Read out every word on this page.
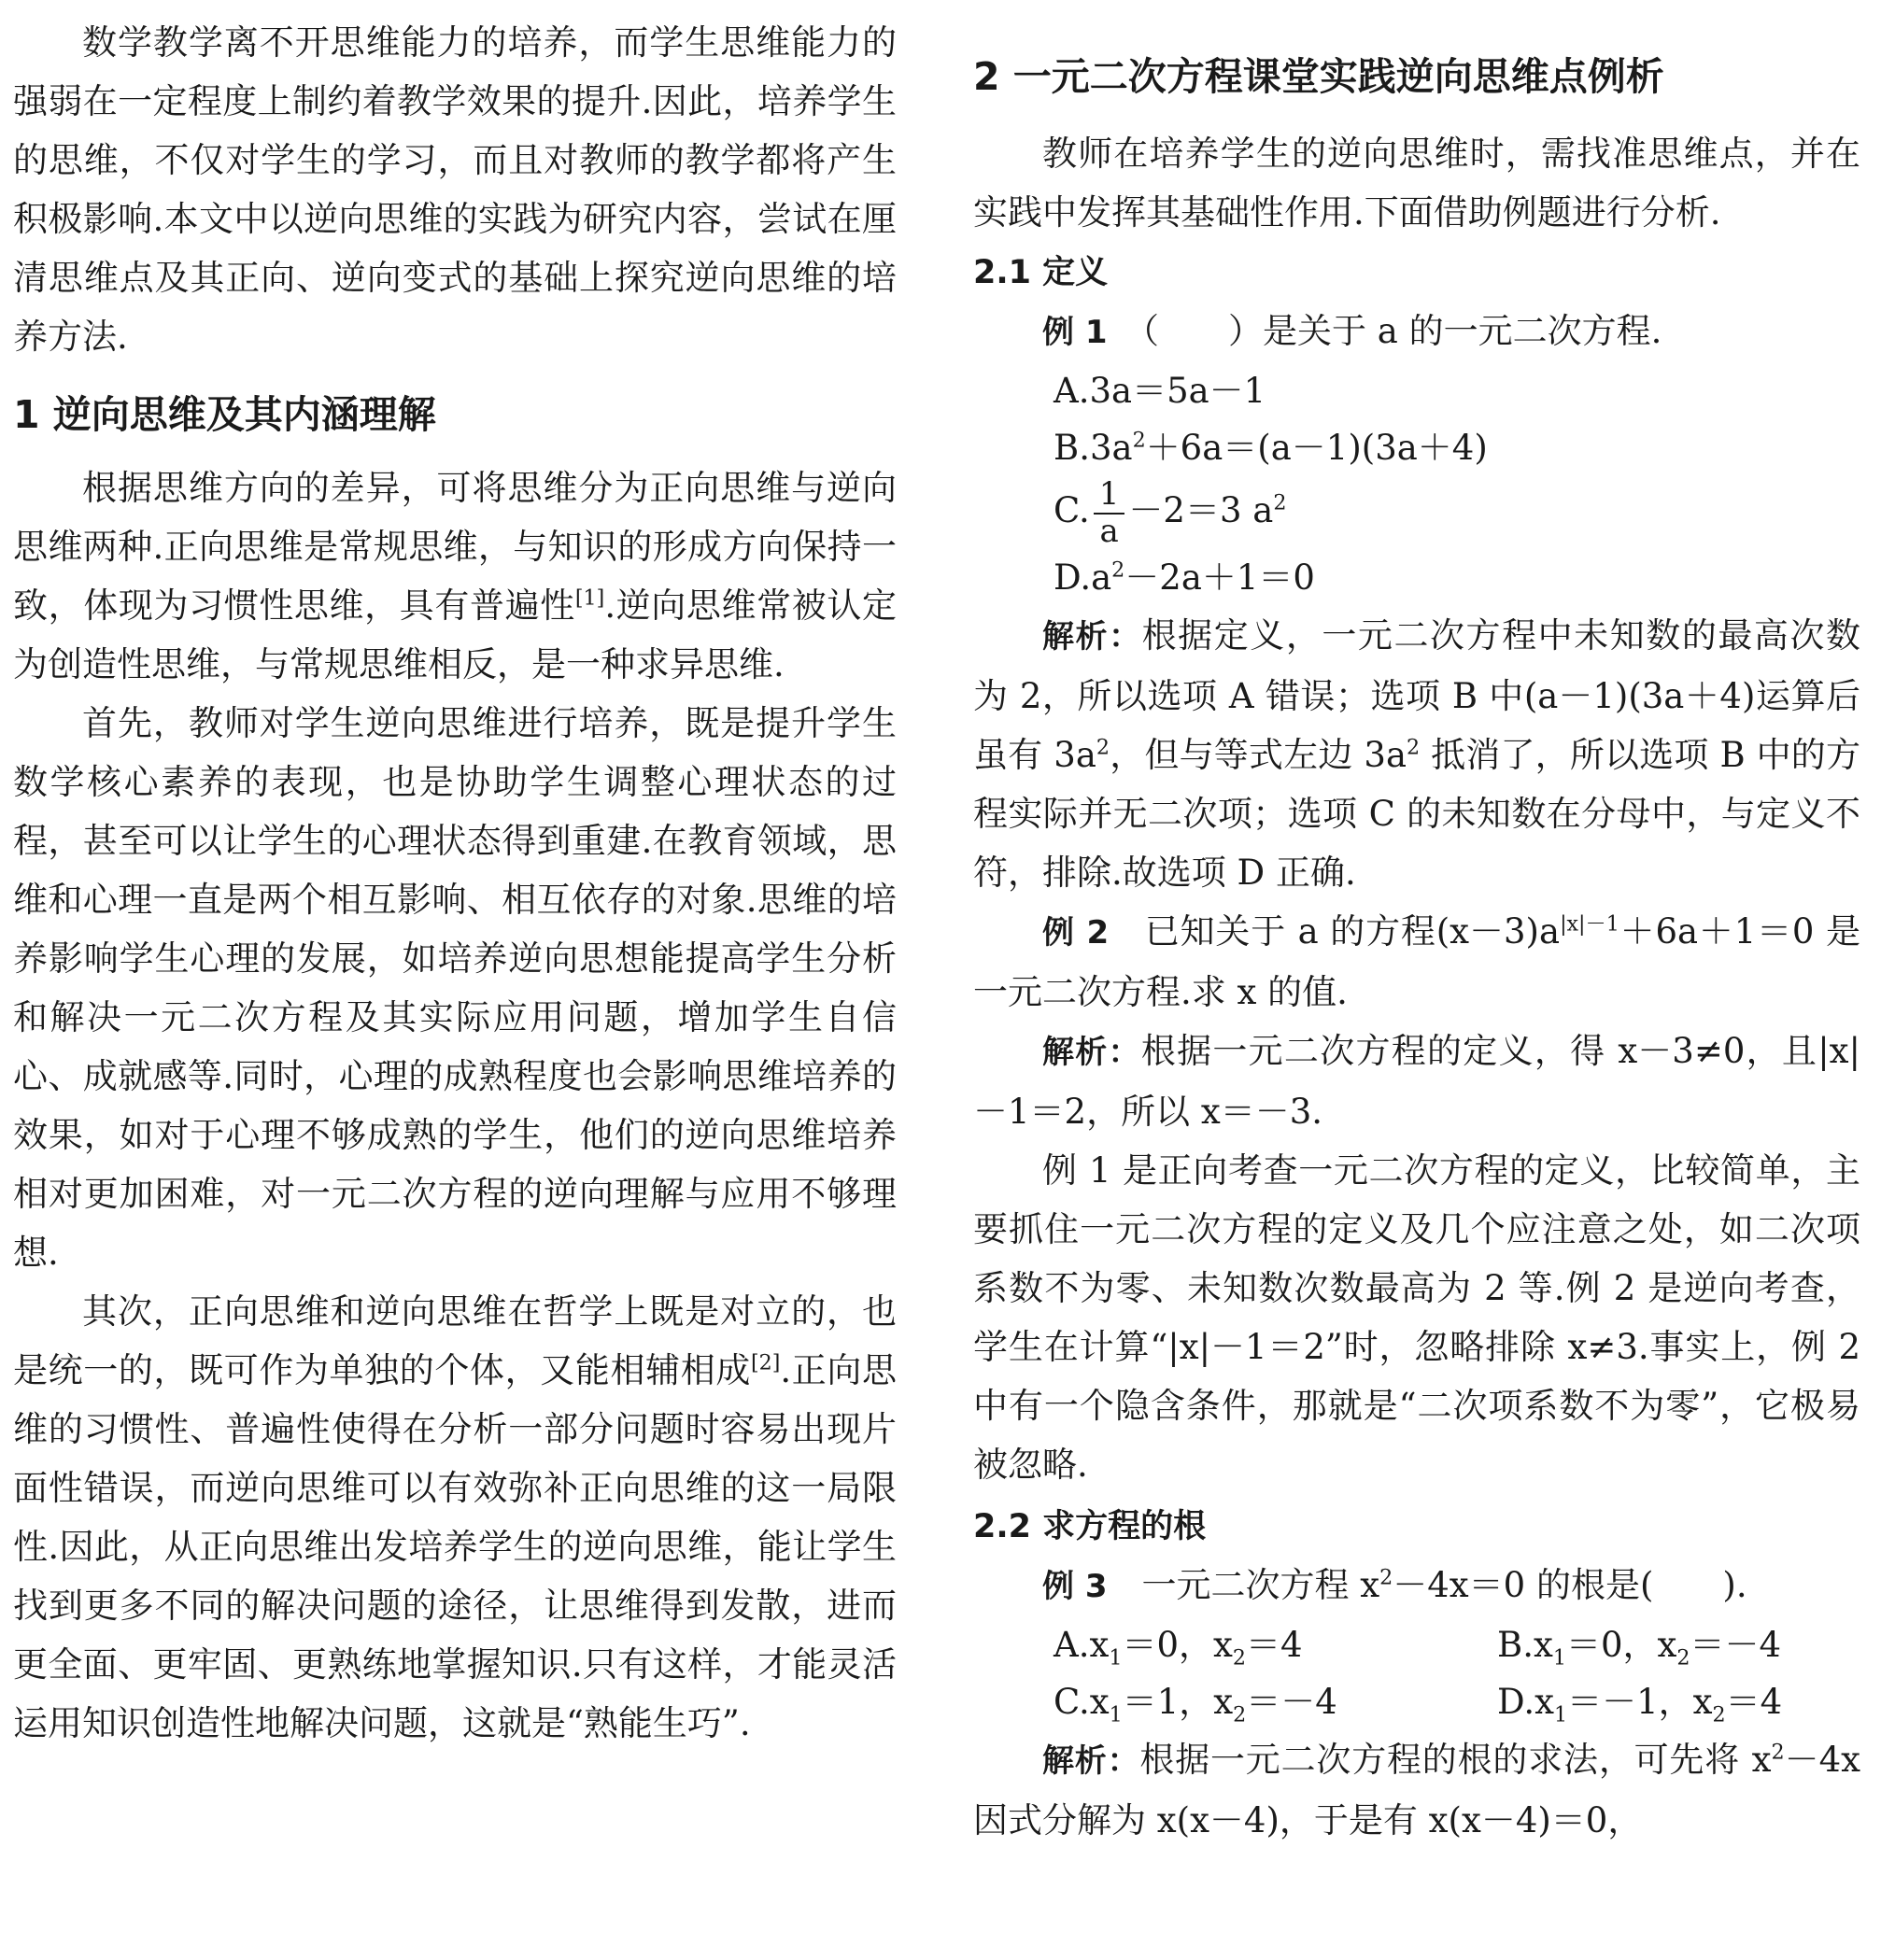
数学教学离不开思维能力的培养，而学生思维能力的强弱在一定程度上制约着教学效果的提升.因此，培养学生的思维，不仅对学生的学习，而且对教师的教学都将产生积极影响.本文中以逆向思维的实践为研究内容，尝试在厘清思维点及其正向、逆向变式的基础上探究逆向思维的培养方法.

1 逆向思维及其内涵理解

根据思维方向的差异，可将思维分为正向思维与逆向思维两种.正向思维是常规思维，与知识的形成方向保持一致，体现为习惯性思维，具有普遍性[1].逆向思维常被认定为创造性思维，与常规思维相反，是一种求异思维.

首先，教师对学生逆向思维进行培养，既是提升学生数学核心素养的表现，也是协助学生调整心理状态的过程，甚至可以让学生的心理状态得到重建.在教育领域，思维和心理一直是两个相互影响、相互依存的对象.思维的培养影响学生心理的发展，如培养逆向思想能提高学生分析和解决一元二次方程及其实际应用问题，增加学生自信心、成就感等.同时，心理的成熟程度也会影响思维培养的效果，如对于心理不够成熟的学生，他们的逆向思维培养相对更加困难，对一元二次方程的逆向理解与应用不够理想.

其次，正向思维和逆向思维在哲学上既是对立的，也是统一的，既可作为单独的个体，又能相辅相成[2].正向思维的习惯性、普遍性使得在分析一部分问题时容易出现片面性错误，而逆向思维可以有效弥补正向思维的这一局限性.因此，从正向思维出发培养学生的逆向思维，能让学生找到更多不同的解决问题的途径，让思维得到发散，进而更全面、更牢固、更熟练地掌握知识.只有这样，才能灵活运用知识创造性地解决问题，这就是“熟能生巧”.

2 一元二次方程课堂实践逆向思维点例析

教师在培养学生的逆向思维时，需找准思维点，并在实践中发挥其基础性作用.下面借助例题进行分析.

2.1 定义

例 1　 （　　）是关于 a 的一元二次方程.

A.3a＝5a－1
$B.3a^2+6a=(a-1)(3a+4)$
C. $\frac{1}{a} -2=3$ $a^2$
$D.a^2-2a+1=0$

解析：根据定义，一元二次方程中未知数的最高次数为 2，所以选项 A 错误；选项 B 中(a－1)(3a＋4)运算后虽有 $3a^2$，但与等式左边 $3a^2$ 抵消了，所以选项 B 中的方程实际并无二次项；选项 C 的未知数在分母中，与定义不符，排除.故选项 D 正确.

例 2　 已知关于 a 的方程$(x-3)a^{|x|-1}+6a+1=0$ 是一元二次方程.求 x 的值.

解析：根据一元二次方程的定义，得 x－3≠0，且|x|－1＝2，所以 x＝－3.

例 1 是正向考查一元二次方程的定义，比较简单，主要抓住一元二次方程的定义及几个应注意之处，如二次项系数不为零、未知数次数最高为 2 等.例 2 是逆向考查，学生在计算“|x|－1＝2”时，忽略排除 x≠3.事实上，例 2 中有一个隐含条件，那就是“二次项系数不为零”，它极易被忽略.

2.2 求方程的根

例 3　 一元二次方程 $x^2-4x=0$ 的根是(　　).

$A.x_1=0$，$x_2=4$	$B.x_1=0$，$x_2=-4$
$C.x_1=1$，$x_2=-4$	$D.x_1=-1$，$x_2=4$

解析：根据一元二次方程的根的求法，可先将 $x^2-4x$ 因式分解为 x(x－4)，于是有 x(x－4)＝0，
